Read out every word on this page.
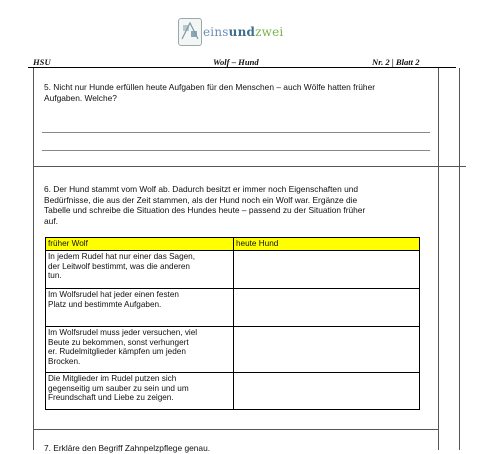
einsundzwei
HSU	Wolf – Hund	Nr. 2 | Blatt 2
5. Nicht nur Hunde erfüllen heute Aufgaben für den Menschen – auch Wölfe hatten früher
Aufgaben. Welche?
6. Der Hund stammt vom Wolf ab. Dadurch besitzt er immer noch Eigenschaften und
Bedürfnisse, die aus der Zeit stammen, als der Hund noch ein Wolf war. Ergänze die
Tabelle und schreibe die Situation des Hundes heute – passend zu der Situation früher
auf.
früher Wolf	heute Hund

In jedem Rudel hat nur einer das Sagen,
der Leitwolf bestimmt, was die anderen
tun.	

Im Wolfsrudel hat jeder einen festen
Platz und bestimmte Aufgaben.	

Im Wolfsrudel muss jeder versuchen, viel
Beute zu bekommen, sonst verhungert
er. Rudelmitglieder kämpfen um jeden
Brocken.	

Die Mitglieder im Rudel putzen sich
gegenseitig um sauber zu sein und um
Freundschaft und Liebe zu zeigen.	

7. Erkläre den Begriff Zahnpelzpflege genau.
